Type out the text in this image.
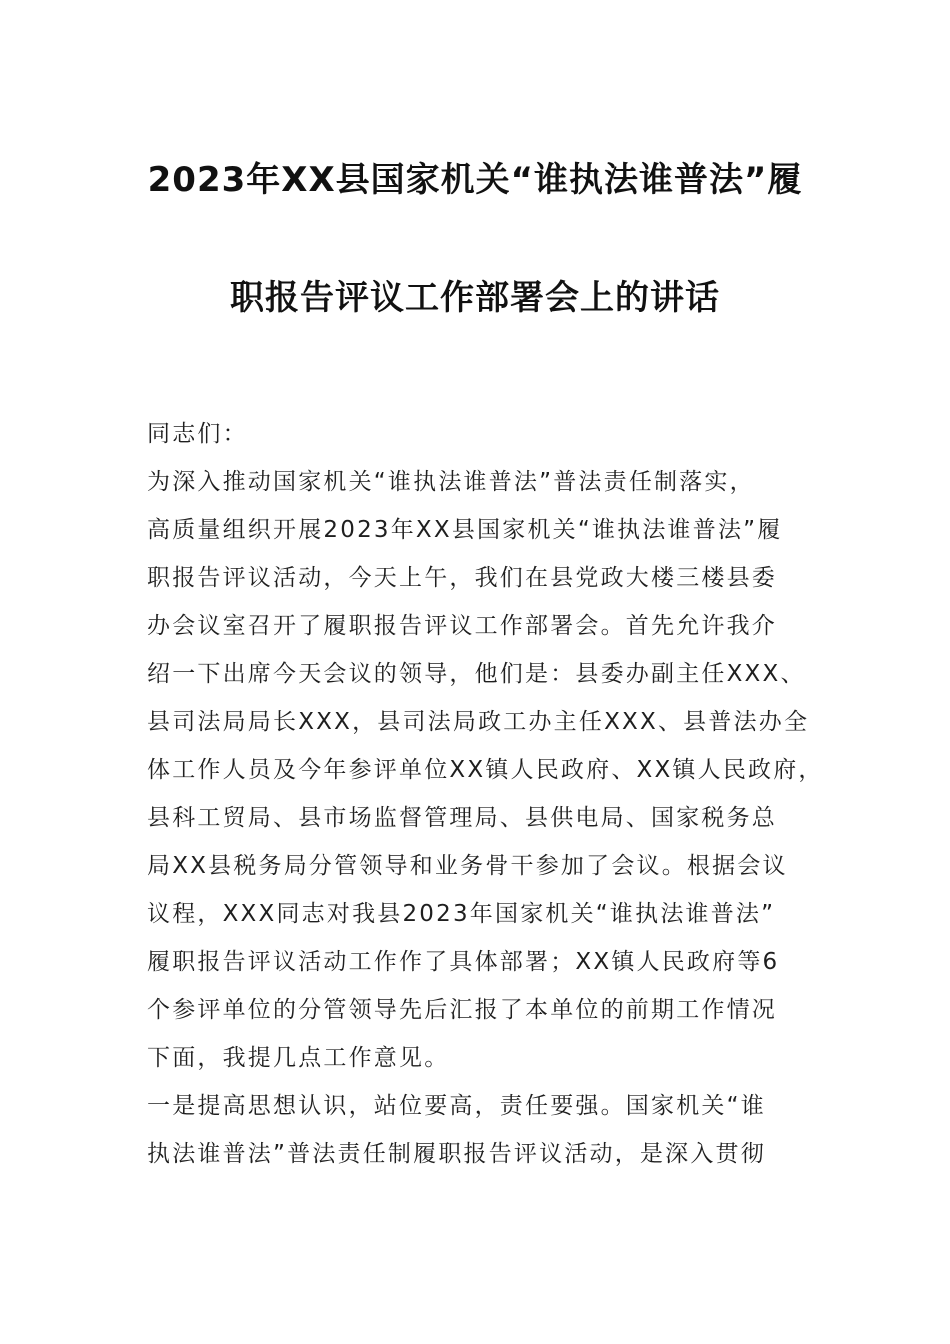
2023年XX县国家机关“谁执法谁普法”履
职报告评议工作部署会上的讲话
同志们：
为深入推动国家机关“谁执法谁普法”普法责任制落实，
高质量组织开展2023年XX县国家机关“谁执法谁普法”履
职报告评议活动，今天上午，我们在县党政大楼三楼县委
办会议室召开了履职报告评议工作部署会。首先允许我介
绍一下出席今天会议的领导，他们是：县委办副主任XXX、
县司法局局长XXX，县司法局政工办主任XXX、县普法办全
体工作人员及今年参评单位XX镇人民政府、XX镇人民政府，
县科工贸局、县市场监督管理局、县供电局、国家税务总
局XX县税务局分管领导和业务骨干参加了会议。根据会议
议程，XXX同志对我县2023年国家机关“谁执法谁普法”
履职报告评议活动工作作了具体部署；XX镇人民政府等6
个参评单位的分管领导先后汇报了本单位的前期工作情况
下面，我提几点工作意见。
一是提高思想认识，站位要高，责任要强。国家机关“谁
执法谁普法”普法责任制履职报告评议活动，是深入贯彻
